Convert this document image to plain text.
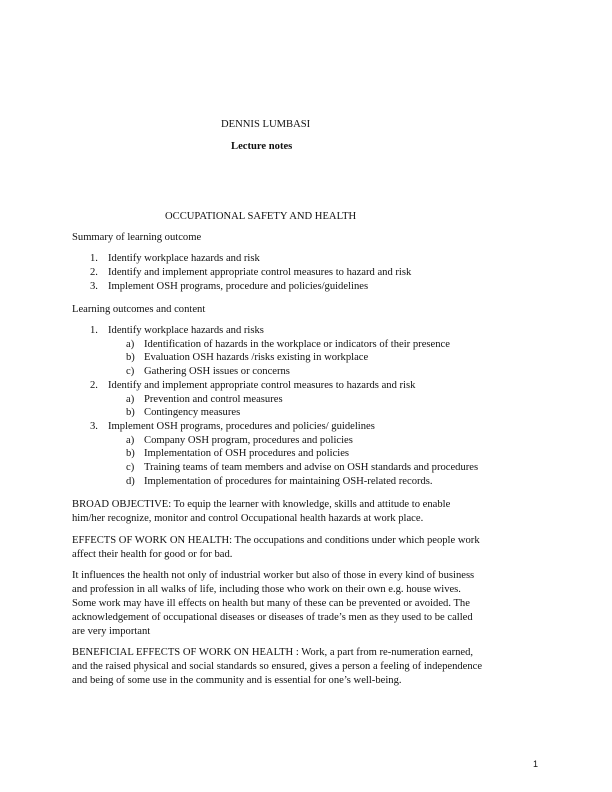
DENNIS LUMBASI
Lecture notes
OCCUPATIONAL SAFETY AND HEALTH
Summary of learning outcome
1. Identify workplace hazards and risk
2. Identify and implement appropriate control measures to hazard and risk
3. Implement OSH programs, procedure and policies/guidelines
Learning outcomes and content
1. Identify workplace hazards and risks
a) Identification of hazards in the workplace or indicators of their presence
b) Evaluation OSH hazards /risks existing in workplace
c) Gathering OSH issues or concerns
2. Identify and implement appropriate control measures to hazards and risk
a) Prevention and control measures
b) Contingency measures
3. Implement OSH programs, procedures and policies/ guidelines
a) Company OSH program, procedures and policies
b) Implementation of OSH procedures and policies
c) Training teams of team members and advise on OSH standards and procedures
d) Implementation of procedures for maintaining OSH-related records.
BROAD OBJECTIVE: To equip the learner with knowledge, skills and attitude to enable
him/her recognize, monitor and control Occupational health hazards at work place.
EFFECTS OF WORK ON HEALTH: The occupations and conditions under which people work
affect their health for good or for bad.
It influences the health not only of industrial worker but also of those in every kind of business
and profession in all walks of life, including those who work on their own e.g. house wives.
Some work may have ill effects on health but many of these can be prevented or avoided. The
acknowledgement of occupational diseases or diseases of trade’s men as they used to be called
are very important
BENEFICIAL EFFECTS OF WORK ON HEALTH : Work, a part from re-numeration earned,
and the raised physical and social standards so ensured, gives a person a feeling of independence
and being of some use in the community and is essential for one’s well-being.
1
